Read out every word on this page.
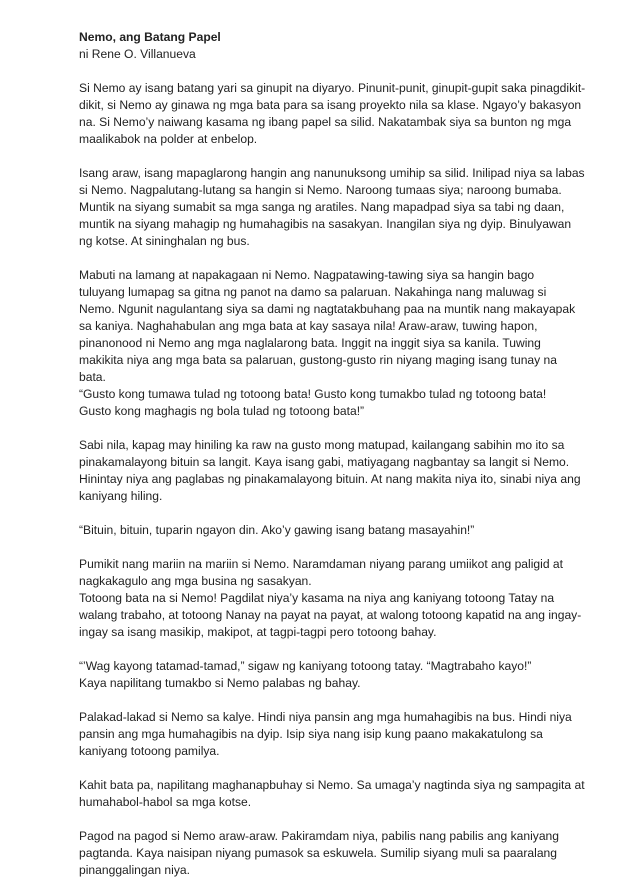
Nemo, ang Batang Papel
ni Rene O. Villanueva
Si Nemo ay isang batang yari sa ginupit na diyaryo. Pinunit-punit, ginupit-gupit saka pinagdikit-
dikit, si Nemo ay ginawa ng mga bata para sa isang proyekto nila sa klase. Ngayo’y bakasyon
na. Si Nemo’y naiwang kasama ng ibang papel sa silid. Nakatambak siya sa bunton ng mga
maalikabok na polder at enbelop.
Isang araw, isang mapaglarong hangin ang nanunuksong umihip sa silid. Inilipad niya sa labas
si Nemo. Nagpalutang-lutang sa hangin si Nemo. Naroong tumaas siya; naroong bumaba.
Muntik na siyang sumabit sa mga sanga ng aratiles. Nang mapadpad siya sa tabi ng daan,
muntik na siyang mahagip ng humahagibis na sasakyan. Inangilan siya ng dyip. Binulyawan
ng kotse. At sininghalan ng bus.
Mabuti na lamang at napakagaan ni Nemo. Nagpatawing-tawing siya sa hangin bago
tuluyang lumapag sa gitna ng panot na damo sa palaruan. Nakahinga nang maluwag si
Nemo. Ngunit nagulantang siya sa dami ng nagtatakbuhang paa na muntik nang makayapak
sa kaniya. Naghahabulan ang mga bata at kay sasaya nila! Araw-araw, tuwing hapon,
pinanonood ni Nemo ang mga naglalarong bata. Inggit na inggit siya sa kanila. Tuwing
makikita niya ang mga bata sa palaruan, gustong-gusto rin niyang maging isang tunay na
bata.
“Gusto kong tumawa tulad ng totoong bata! Gusto kong tumakbo tulad ng totoong bata!
Gusto kong maghagis ng bola tulad ng totoong bata!”
Sabi nila, kapag may hiniling ka raw na gusto mong matupad, kailangang sabihin mo ito sa
pinakamalayong bituin sa langit. Kaya isang gabi, matiyagang nagbantay sa langit si Nemo.
Hinintay niya ang paglabas ng pinakamalayong bituin. At nang makita niya ito, sinabi niya ang
kaniyang hiling.
“Bituin, bituin, tuparin ngayon din. Ako’y gawing isang batang masayahin!”
Pumikit nang mariin na mariin si Nemo. Naramdaman niyang parang umiikot ang paligid at
nagkakagulo ang mga busina ng sasakyan.
Totoong bata na si Nemo! Pagdilat niya’y kasama na niya ang kaniyang totoong Tatay na
walang trabaho, at totoong Nanay na payat na payat, at walong totoong kapatid na ang ingay-
ingay sa isang masikip, makipot, at tagpi-tagpi pero totoong bahay.
“’Wag kayong tatamad-tamad,” sigaw ng kaniyang totoong tatay. “Magtrabaho kayo!”
Kaya napilitang tumakbo si Nemo palabas ng bahay.
Palakad-lakad si Nemo sa kalye. Hindi niya pansin ang mga humahagibis na bus. Hindi niya
pansin ang mga humahagibis na dyip. Isip siya nang isip kung paano makakatulong sa
kaniyang totoong pamilya.
Kahit bata pa, napilitang maghanapbuhay si Nemo. Sa umaga’y nagtinda siya ng sampagita at
humahabol-habol sa mga kotse.
Pagod na pagod si Nemo araw-araw. Pakiramdam niya, pabilis nang pabilis ang kaniyang
pagtanda. Kaya naisipan niyang pumasok sa eskuwela. Sumilip siyang muli sa paaralang
pinanggalingan niya.
